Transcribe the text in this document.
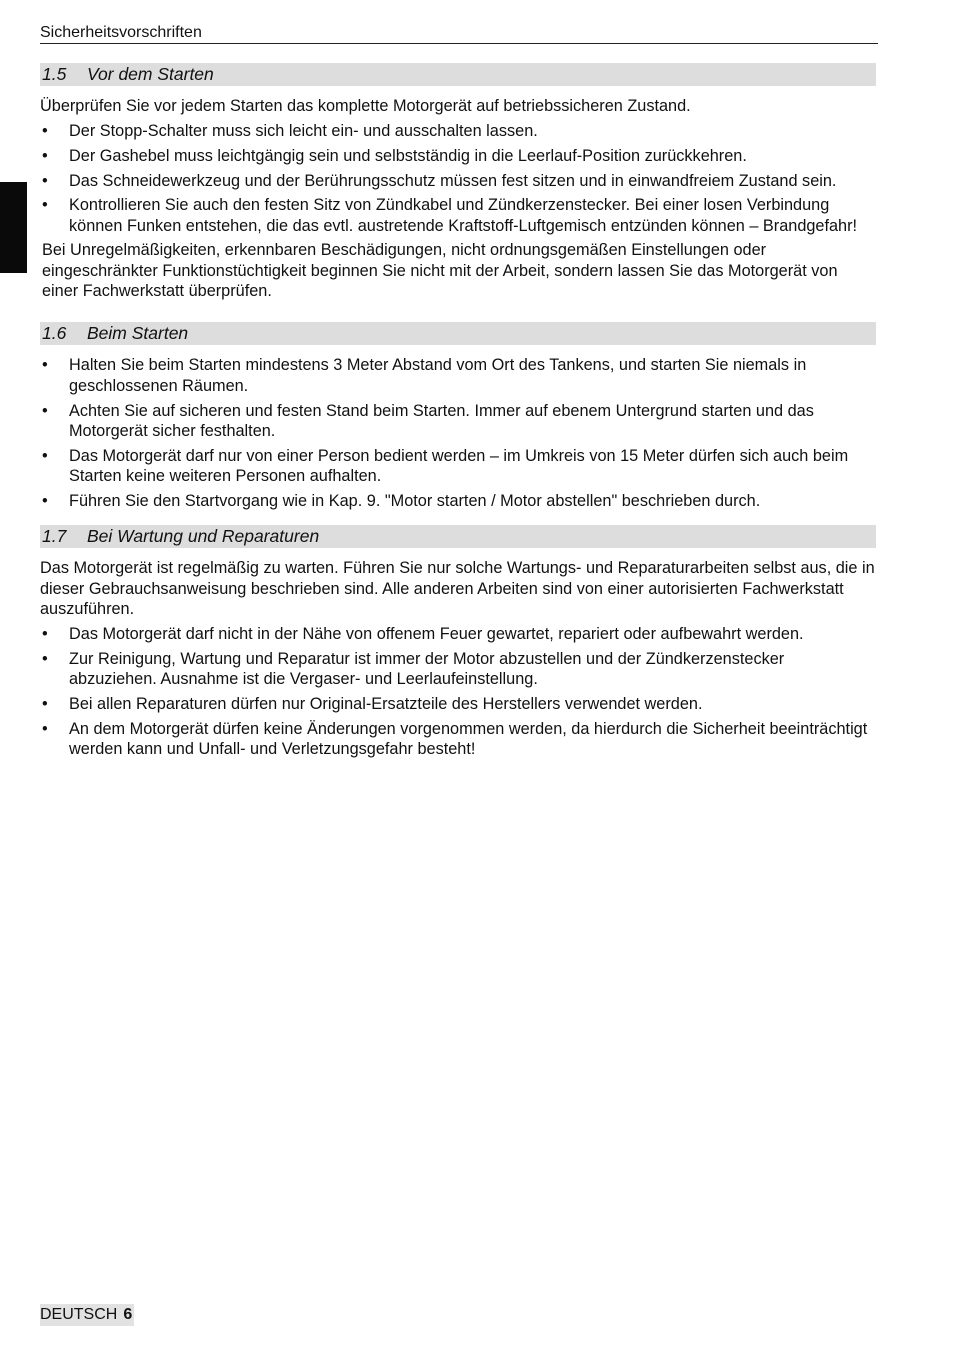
Sicherheitsvorschriften
1.5 Vor dem Starten

Überprüfen Sie vor jedem Starten das komplette Motorgerät auf betriebssicheren Zustand.

• Der Stopp-Schalter muss sich leicht ein- und ausschalten lassen.
• Der Gashebel muss leichtgängig sein und selbstständig in die Leerlauf-Position zurückkehren.
• Das Schneidewerkzeug und der Berührungsschutz müssen fest sitzen und in einwandfreiem Zustand sein.
• Kontrollieren Sie auch den festen Sitz von Zündkabel und Zündkerzenstecker. Bei einer losen Verbindung können Funken entstehen, die das evtl. austretende Kraftstoff-Luftgemisch entzünden können – Brandgefahr!

Bei Unregelmäßigkeiten, erkennbaren Beschädigungen, nicht ordnungsgemäßen Einstellungen oder eingeschränkter Funktionstüchtigkeit beginnen Sie nicht mit der Arbeit, sondern lassen Sie das Motorgerät von einer Fachwerkstatt überprüfen.

1.6 Beim Starten
• Halten Sie beim Starten mindestens 3 Meter Abstand vom Ort des Tankens, und starten Sie niemals in geschlossenen Räumen.
• Achten Sie auf sicheren und festen Stand beim Starten. Immer auf ebenem Untergrund starten und das Motorgerät sicher festhalten.
• Das Motorgerät darf nur von einer Person bedient werden – im Umkreis von 15 Meter dürfen sich auch beim Starten keine weiteren Personen aufhalten.
• Führen Sie den Startvorgang wie in Kap. 9. "Motor starten / Motor abstellen" beschrieben durch.
1.7 Bei Wartung und Reparaturen

Das Motorgerät ist regelmäßig zu warten. Führen Sie nur solche Wartungs- und Reparaturarbeiten selbst aus, die in dieser Gebrauchsanweisung beschrieben sind. Alle anderen Arbeiten sind von einer autorisierten Fachwerkstatt auszuführen.

• Das Motorgerät darf nicht in der Nähe von offenem Feuer gewartet, repariert oder aufbewahrt werden.
• Zur Reinigung, Wartung und Reparatur ist immer der Motor abzustellen und der Zündkerzenstecker abzuziehen. Ausnahme ist die Vergaser- und Leerlaufeinstellung.
• Bei allen Reparaturen dürfen nur Original-Ersatzteile des Herstellers verwendet werden.
• An dem Motorgerät dürfen keine Änderungen vorgenommen werden, da hierdurch die Sicherheit beeinträchtigt werden kann und Unfall- und Verletzungsgefahr besteht!
DEUTSCH 6
